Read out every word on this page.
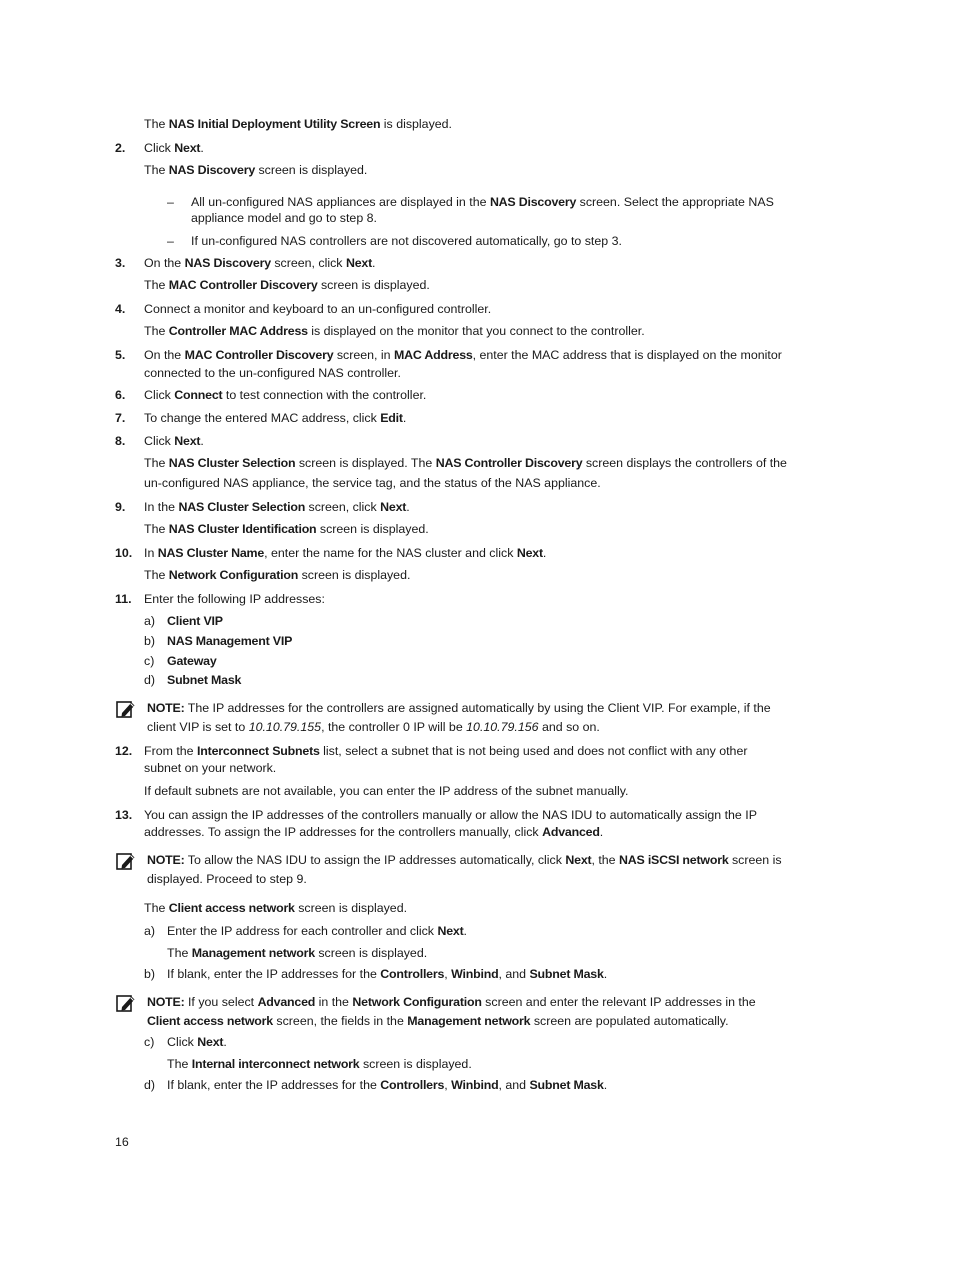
The NAS Initial Deployment Utility Screen is displayed.
Click Next.
2.
The NAS Discovery screen is displayed.
All un-configured NAS appliances are displayed in the NAS Discovery screen. Select the appropriate NAS
–
appliance model and go to step 8.
If un-configured NAS controllers are not discovered automatically, go to step 3.
–
On the NAS Discovery screen, click Next.
3.
The MAC Controller Discovery screen is displayed.
Connect a monitor and keyboard to an un-configured controller.
4.
The Controller MAC Address is displayed on the monitor that you connect to the controller.
On the MAC Controller Discovery screen, in MAC Address, enter the MAC address that is displayed on the monitor
5.
connected to the un-configured NAS controller.
Click Connect to test connection with the controller.
6.
To change the entered MAC address, click Edit.
7.
Click Next.
8.
The NAS Cluster Selection screen is displayed. The NAS Controller Discovery screen displays the controllers of the
un-configured NAS appliance, the service tag, and the status of the NAS appliance.
In the NAS Cluster Selection screen, click Next.
9.
The NAS Cluster Identification screen is displayed.
In NAS Cluster Name, enter the name for the NAS cluster and click Next.
10.
The Network Configuration screen is displayed.
Enter the following IP addresses:
11.
Client VIP
a)
NAS Management VIP
b)
Gateway
c)
Subnet Mask
d)
NOTE: The IP addresses for the controllers are assigned automatically by using the Client VIP. For example, if the
client VIP is set to 10.10.79.155, the controller 0 IP will be 10.10.79.156 and so on.
From the Interconnect Subnets list, select a subnet that is not being used and does not conflict with any other
12.
subnet on your network.
If default subnets are not available, you can enter the IP address of the subnet manually.
You can assign the IP addresses of the controllers manually or allow the NAS IDU to automatically assign the IP
13.
addresses. To assign the IP addresses for the controllers manually, click Advanced.
NOTE: To allow the NAS IDU to assign the IP addresses automatically, click Next, the NAS iSCSI network screen is
displayed. Proceed to step 9.
The Client access network screen is displayed.
Enter the IP address for each controller and click Next.
a)
The Management network screen is displayed.
If blank, enter the IP addresses for the Controllers, Winbind, and Subnet Mask.
b)
NOTE: If you select Advanced in the Network Configuration screen and enter the relevant IP addresses in the
Client access network screen, the fields in the Management network screen are populated automatically.
Click Next.
c)
The Internal interconnect network screen is displayed.
If blank, enter the IP addresses for the Controllers, Winbind, and Subnet Mask.
d)
16
